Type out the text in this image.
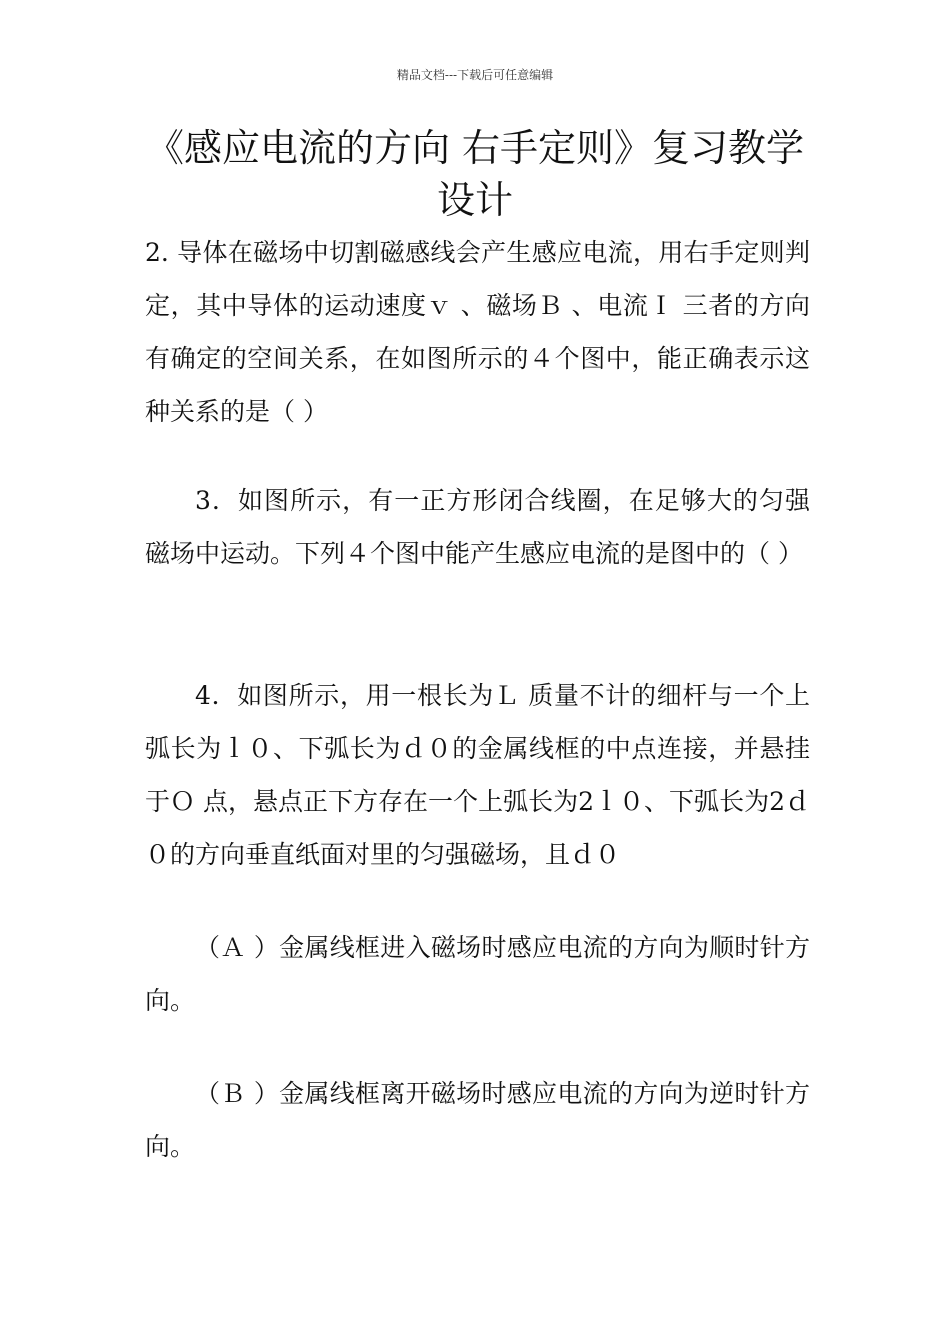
精品文档---下载后可任意编辑
《感应电流的方向 右手定则》复习教学设计

2. 导体在磁场中切割磁感线会产生感应电流，用右手定则判定，其中导体的运动速度ｖ 、磁场Ｂ 、电流Ｉ 三者的方向有确定的空间关系，在如图所示的４个图中，能正确表示这种关系的是（ ）

3．如图所示，有一正方形闭合线圈，在足够大的匀强磁场中运动。下列４个图中能产生感应电流的是图中的（ ）

4．如图所示，用一根长为Ｌ 质量不计的细杆与一个上弧长为ｌ０、下弧长为ｄ０的金属线框的中点连接，并悬挂于Ｏ 点，悬点正下方存在一个上弧长为2ｌ０、下弧长为2ｄ０的方向垂直纸面对里的匀强磁场，且ｄ０

（Ａ ）金属线框进入磁场时感应电流的方向为顺时针方向。

（Ｂ ）金属线框离开磁场时感应电流的方向为逆时针方向。
